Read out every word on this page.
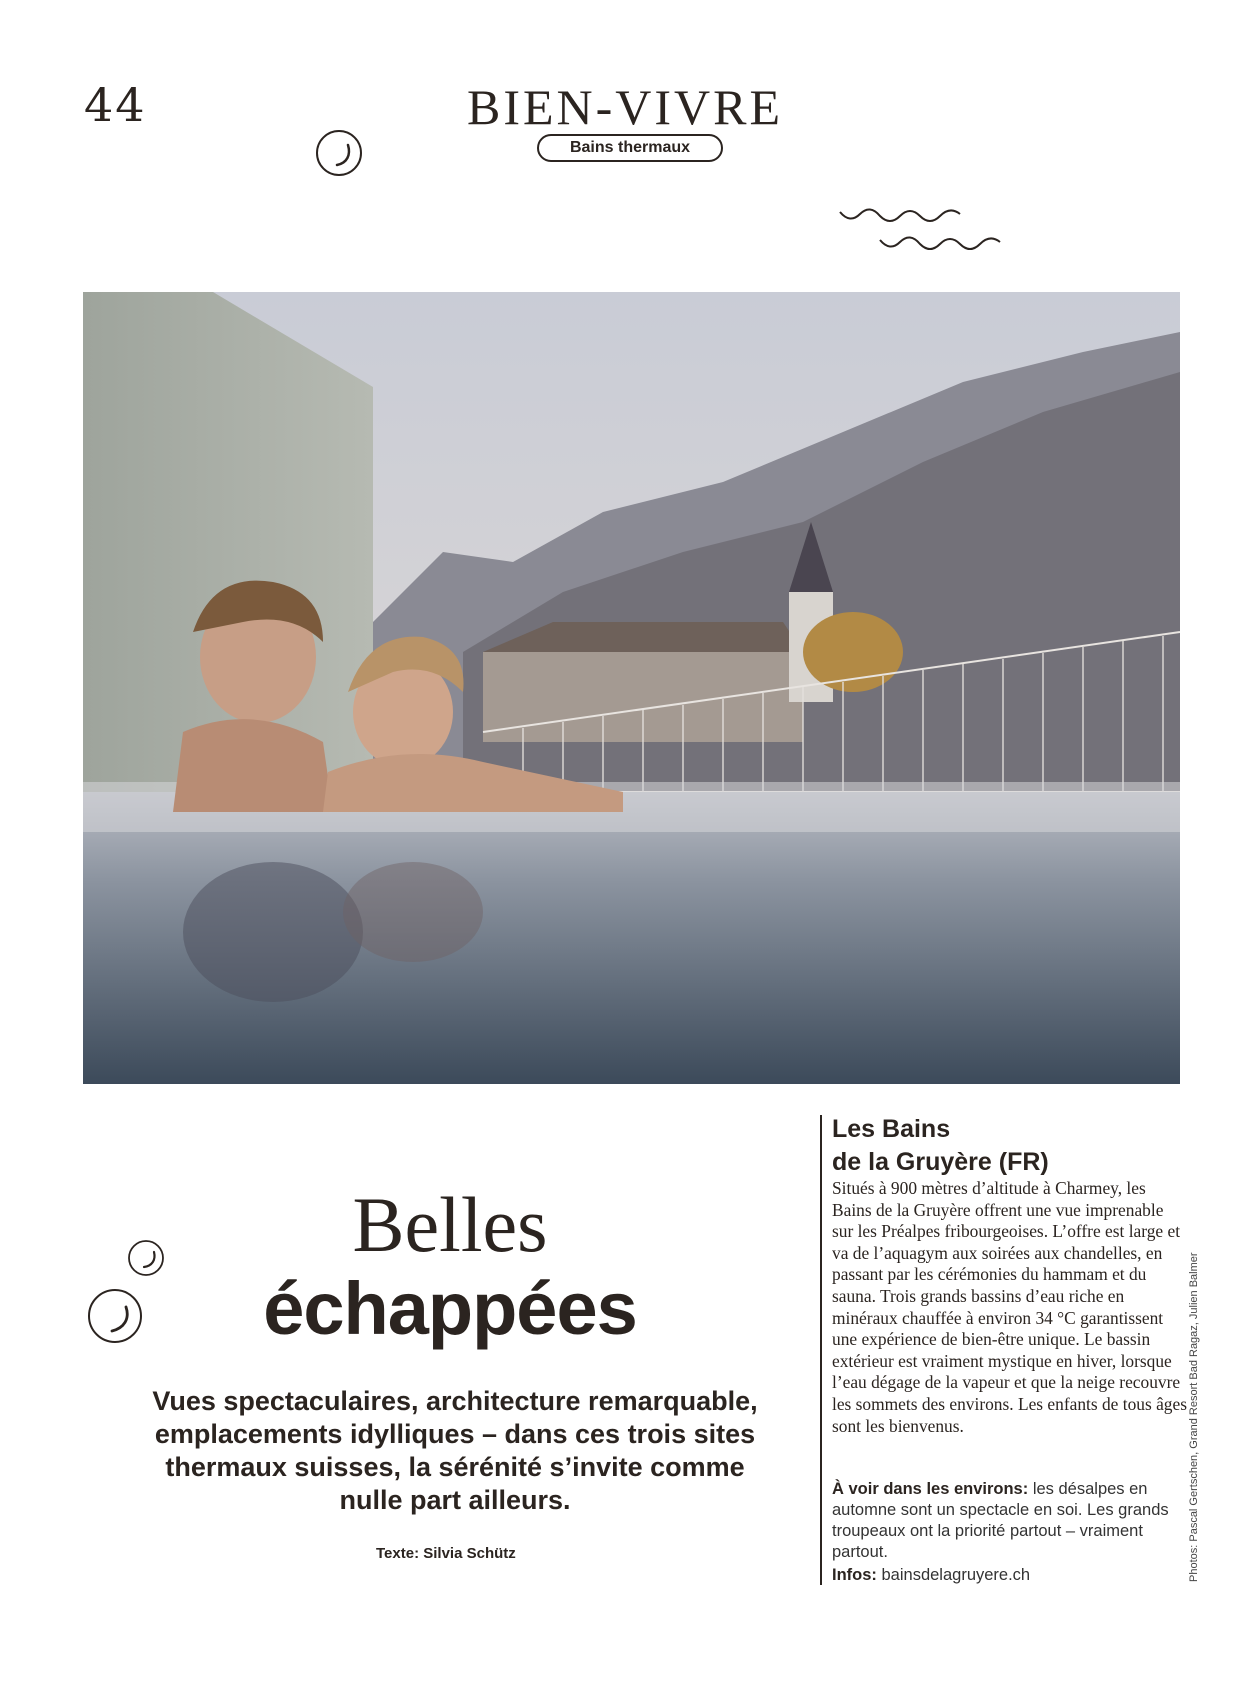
44	BIEN-VIVRE
Bains thermaux
Photos: Pascal Gertschen, Grand Resort Bad Ragaz, Julien Balmer
Belles
échappées
Vues spectaculaires, architecture remarquable, emplacements idylliques – dans ces trois sites thermaux suisses, la sérénité s’invite comme nulle part ailleurs.
Texte: Silvia Schütz
Les Bains
de la Gruyère (FR)
Situés à 900 mètres d’altitude à Charmey, les Bains de la Gruyère offrent une vue imprenable sur les Préalpes fribourgeoises. L’offre est large et va de l’aquagym aux soirées aux chandelles, en passant par les cérémonies du hammam et du sauna. Trois grands bassins d’eau riche en minéraux chauffée à environ 34 °C garantissent une expérience de bien-être unique. Le bassin extérieur est vraiment mystique en hiver, lorsque l’eau dégage de la vapeur et que la neige recouvre les sommets des environs. Les enfants de tous âges sont les bienvenus.
À voir dans les environs: les désalpes en automne sont un spectacle en soi. Les grands troupeaux ont la priorité partout – vraiment partout.
Infos: bainsdelagruyere.ch
